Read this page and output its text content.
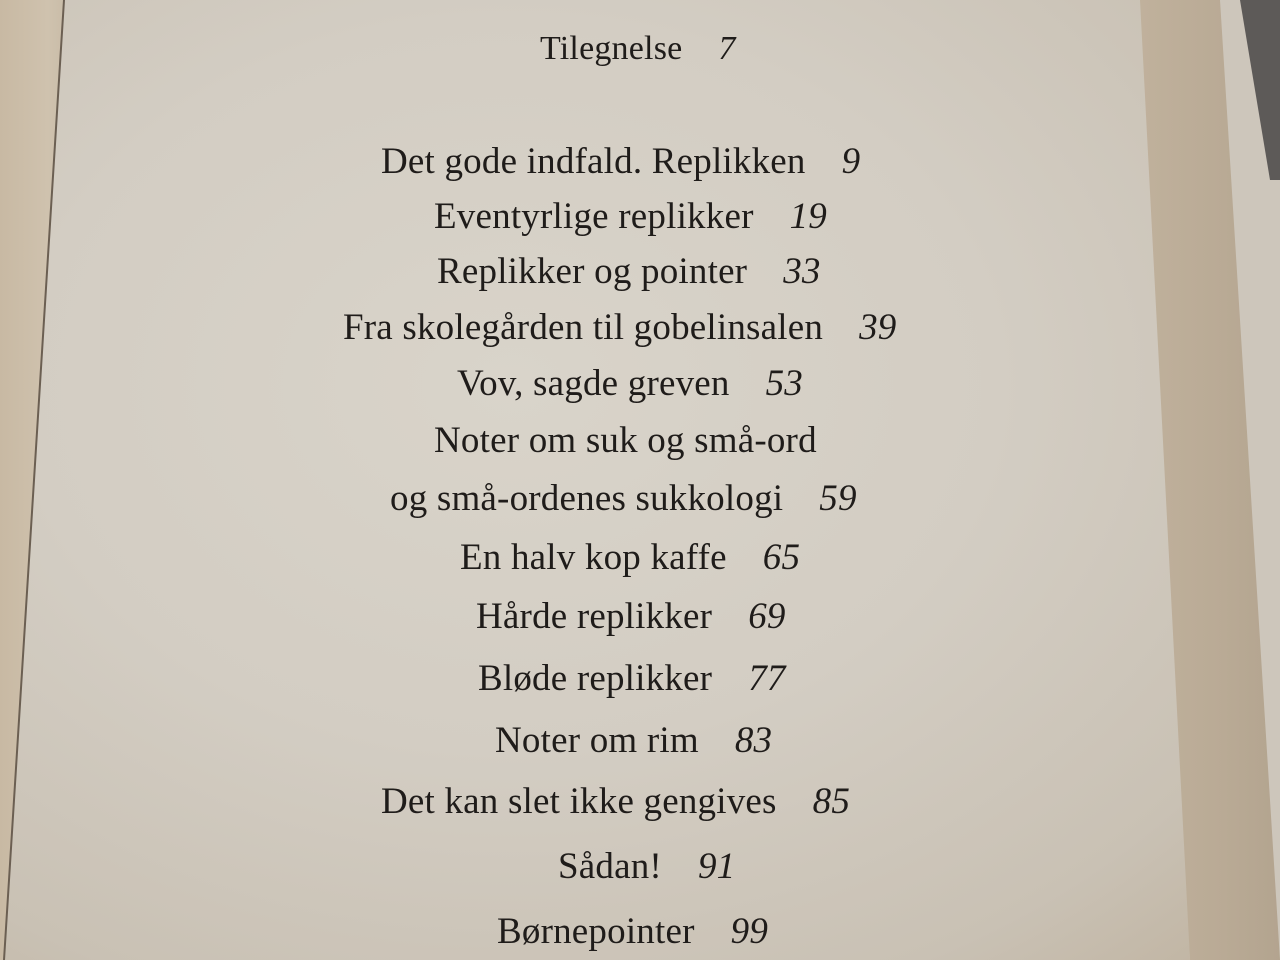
Tilegnelse 7
Det gode indfald. Replikken 9
Eventyrlige replikker 19
Replikker og pointer 33
Fra skolegården til gobelinsalen 39
Vov, sagde greven 53
Noter om suk og små-ord
og små-ordenes sukkologi 59
En halv kop kaffe 65
Hårde replikker 69
Bløde replikker 77
Noter om rim 83
Det kan slet ikke gengives 85
Sådan! 91
Børnepointer 99
